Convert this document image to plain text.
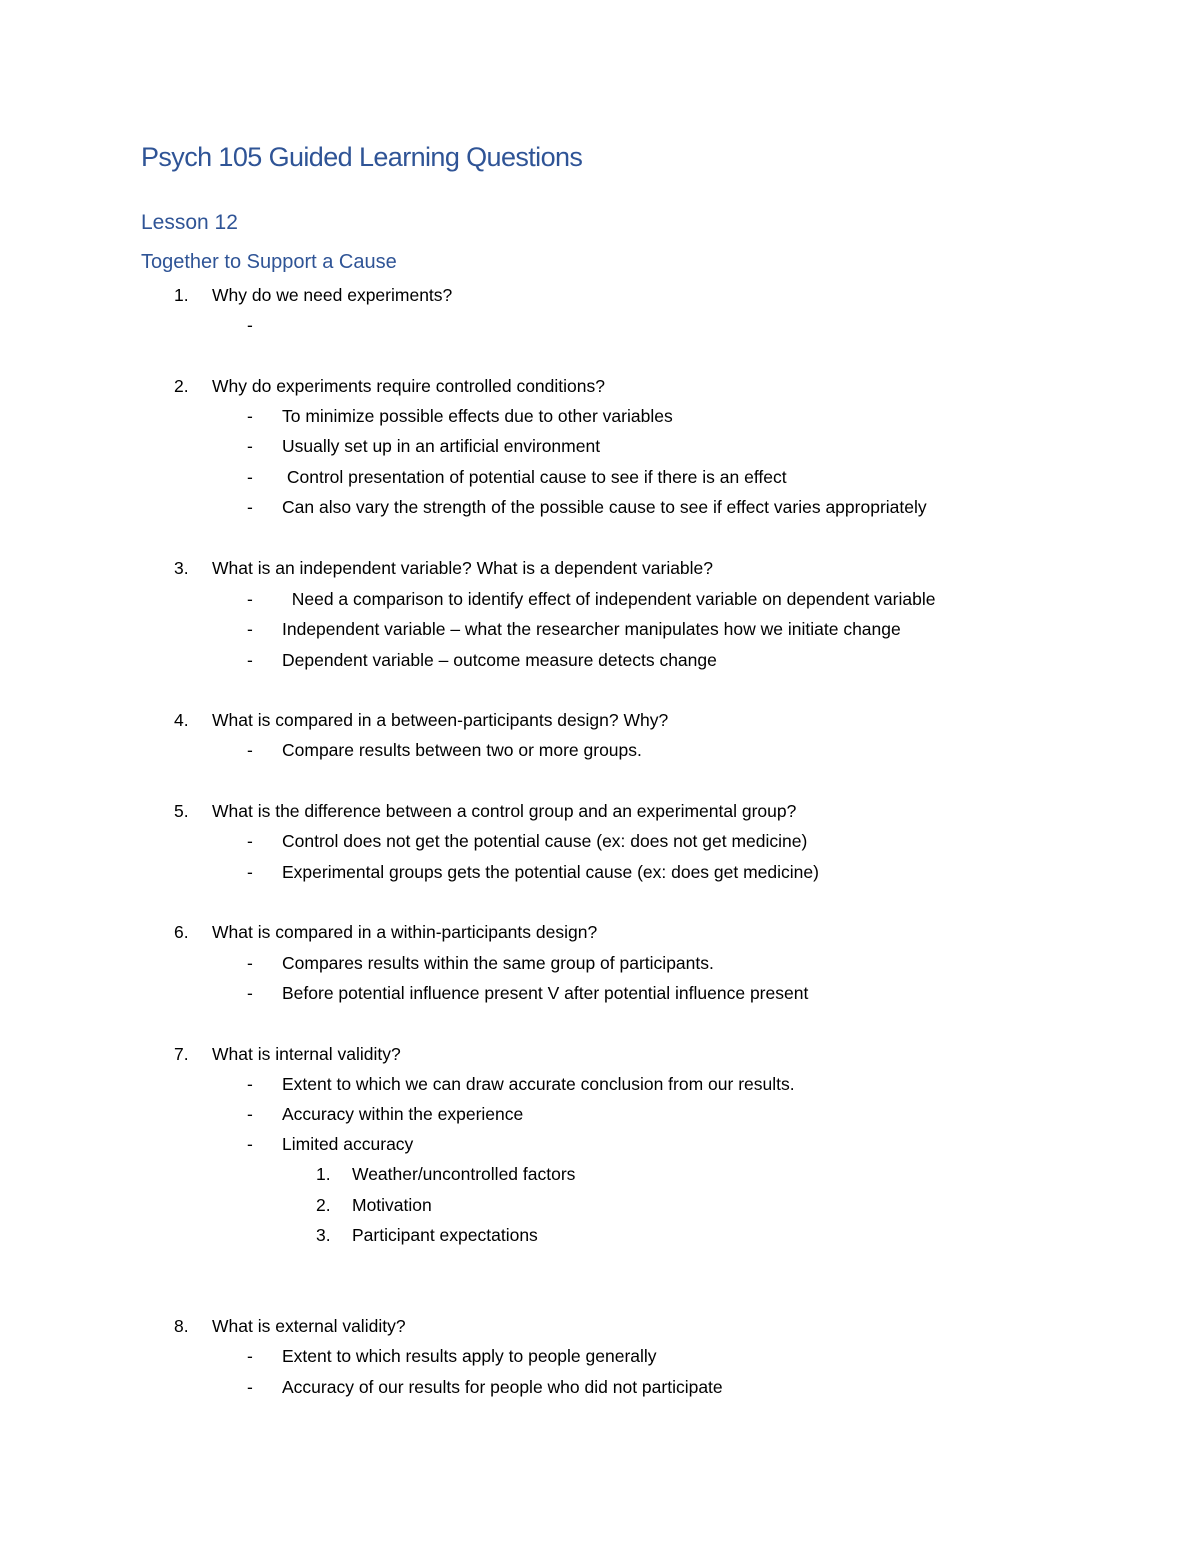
Psych 105 Guided Learning Questions
Lesson 12
Together to Support a Cause
1.	Why do we need experiments?
-
2.	Why do experiments require controlled conditions?
- To minimize possible effects due to other variables
- Usually set up in an artificial environment
- Control presentation of potential cause to see if there is an effect
- Can also vary the strength of the possible cause to see if effect varies appropriately
3.	What is an independent variable? What is a dependent variable?
- Need a comparison to identify effect of independent variable on dependent variable
- Independent variable – what the researcher manipulates how we initiate change
- Dependent variable – outcome measure detects change
4.	What is compared in a between-participants design? Why?
- Compare results between two or more groups.
5.	What is the difference between a control group and an experimental group?
- Control does not get the potential cause (ex: does not get medicine)
- Experimental groups gets the potential cause (ex: does get medicine)
6.	What is compared in a within-participants design?
- Compares results within the same group of participants.
- Before potential influence present V after potential influence present
7.	What is internal validity?
- Extent to which we can draw accurate conclusion from our results.
- Accuracy within the experience
- Limited accuracy
1. Weather/uncontrolled factors
2. Motivation
3. Participant expectations
8.	What is external validity?
- Extent to which results apply to people generally
- Accuracy of our results for people who did not participate
